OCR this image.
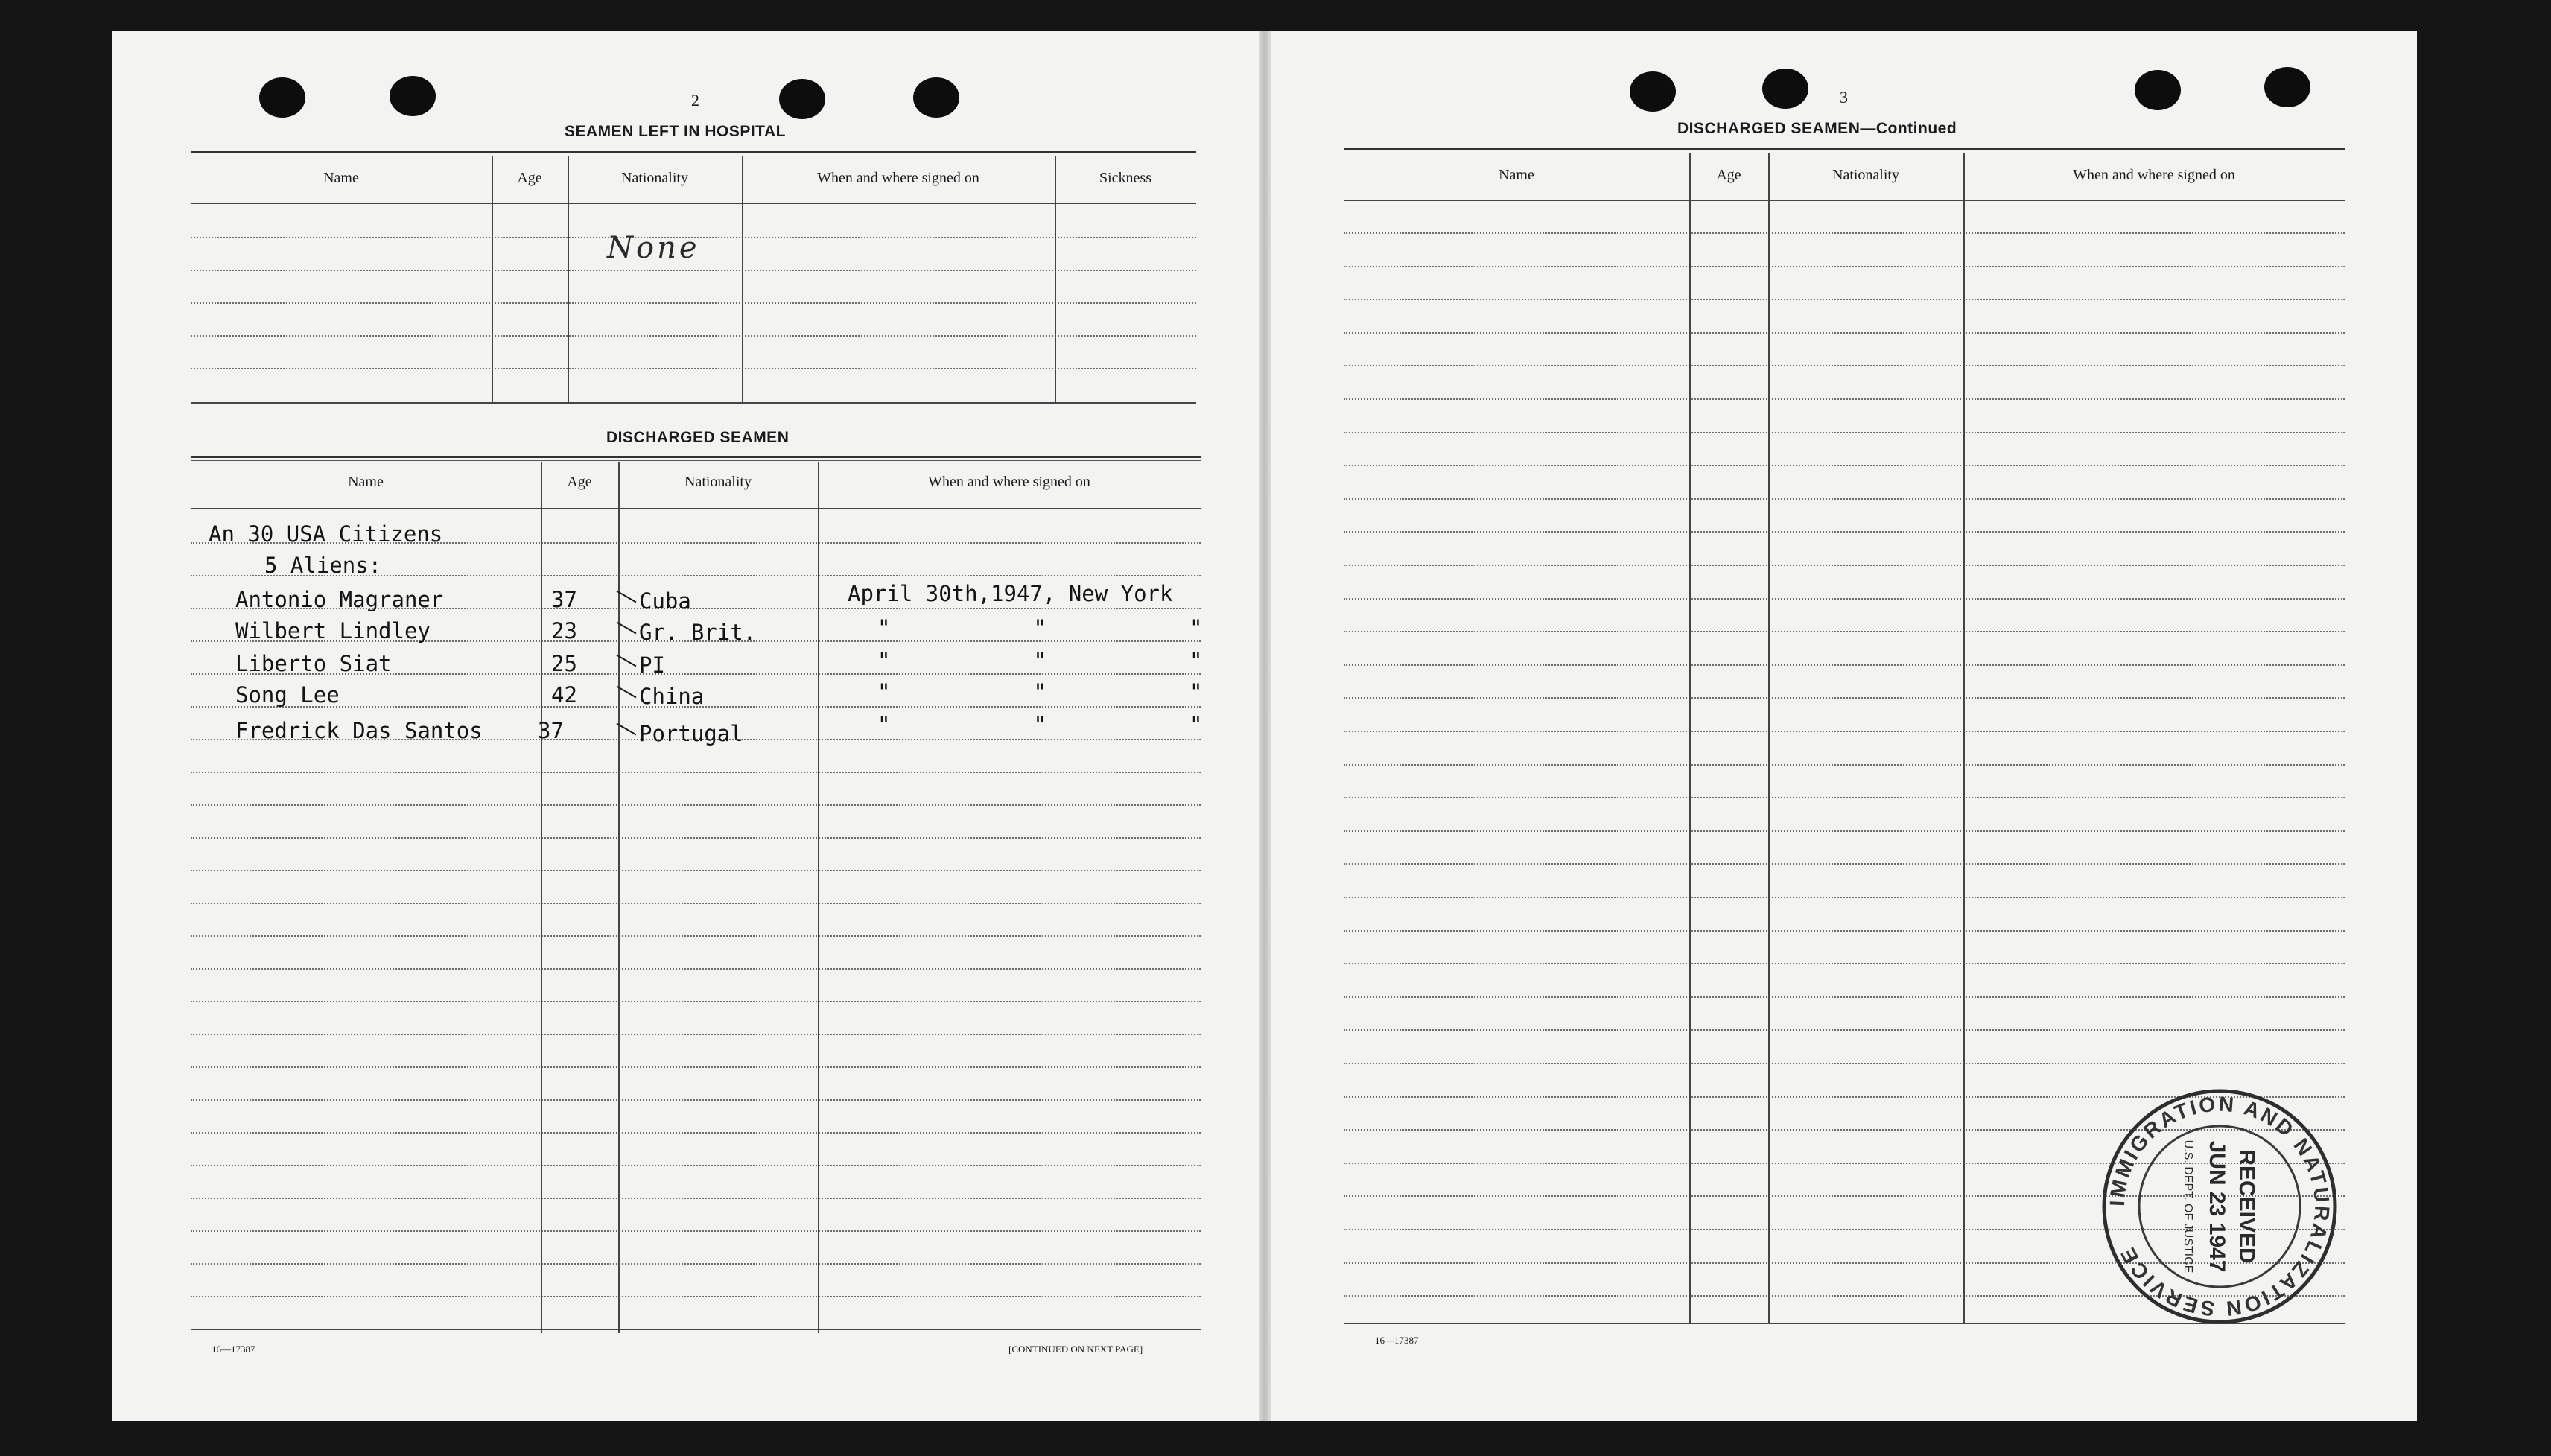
2
SEAMEN LEFT IN HOSPITAL
Name	Age	Nationality	When and where signed on	Sickness
None
DISCHARGED SEAMEN
Name	Age	Nationality	When and where signed on
An 30 USA Citizens
5 Aliens:
Antonio Magraner	37	Cuba	April 30th,1947, New York
Wilbert Lindley	23	Gr. Brit.	"           "           "
Liberto Siat	25	PI	"           "           "
Song Lee	42	China	"           "           "
Fredrick Das Santos	37	Portugal	"           "           "
16—17387	[CONTINUED ON NEXT PAGE]
3
DISCHARGED SEAMEN—Continued
Name	Age	Nationality	When and where signed on
16—17387
IMMIGRATION AND NATURALIZATION SERVICE	RECEIVED
JUN 23 1947
U.S. DEPT. OF JUSTICE
